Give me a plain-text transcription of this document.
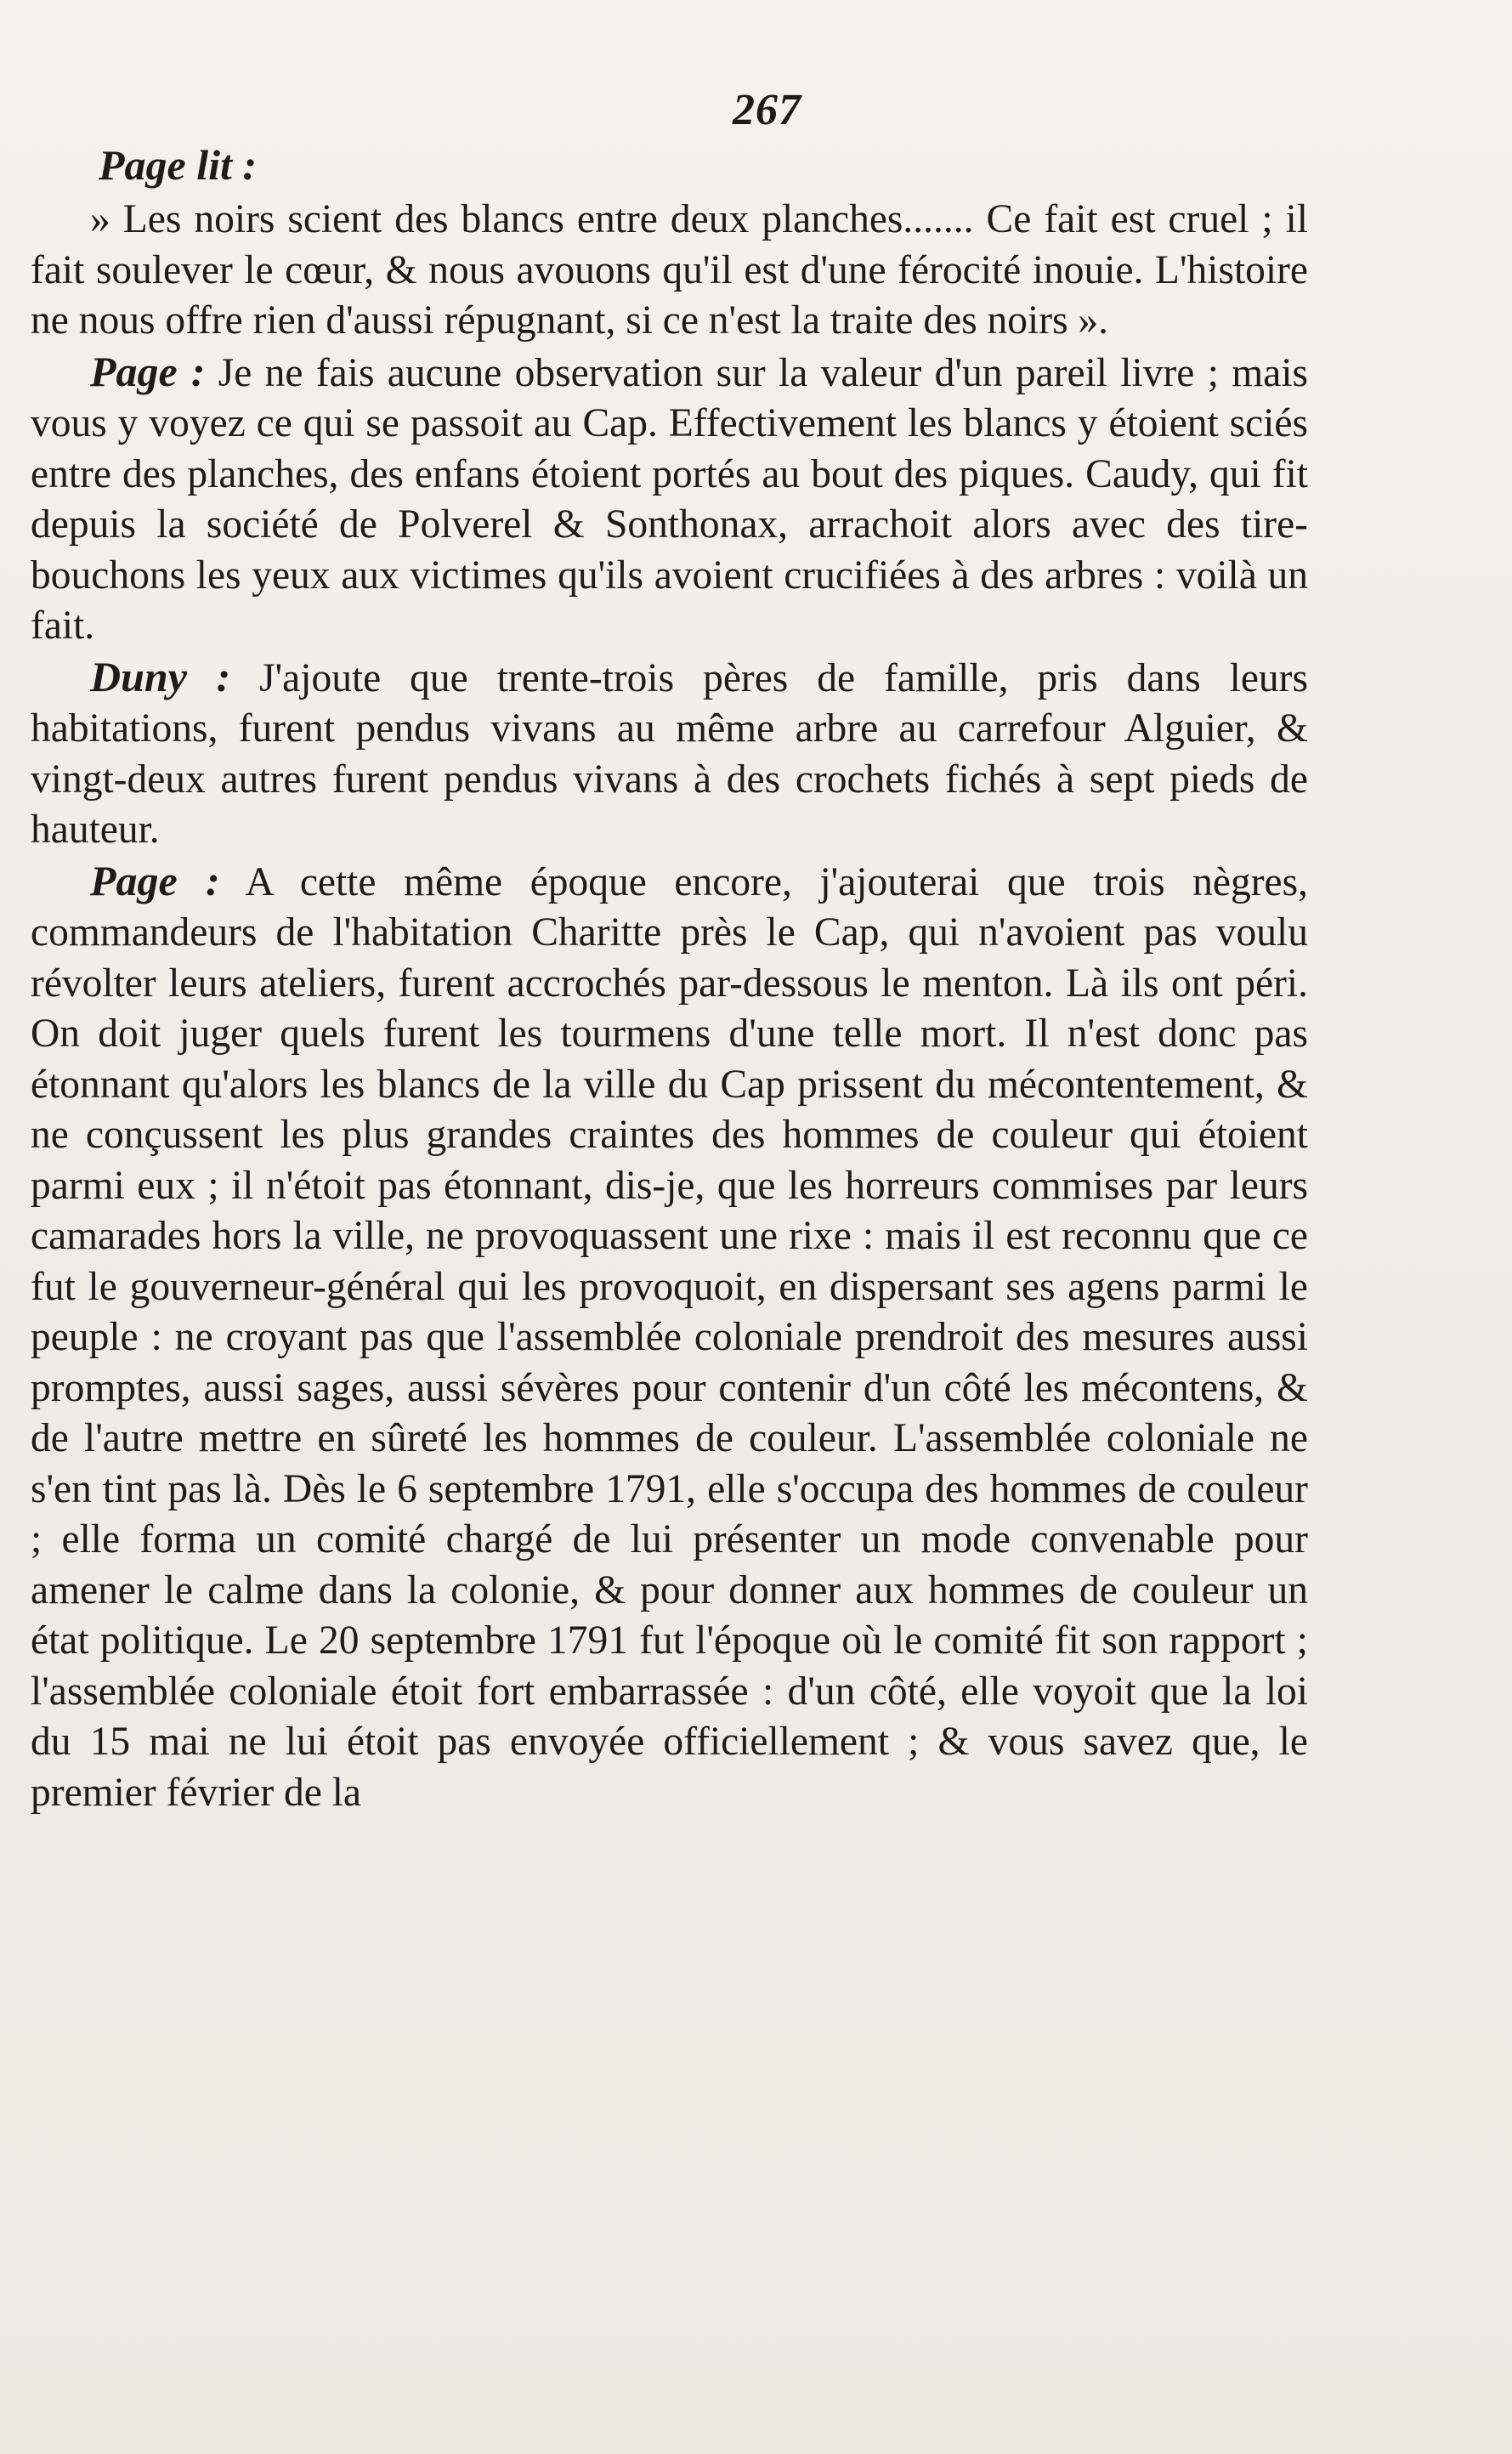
267
Page lit :

» Les noirs scient des blancs entre deux planches....... Ce fait est cruel ; il fait soulever le cœur, & nous avouons qu'il est d'une férocité inouie. L'histoire ne nous offre rien d'aussi répugnant, si ce n'est la traite des noirs ».

Page : Je ne fais aucune observation sur la valeur d'un pareil livre ; mais vous y voyez ce qui se passoit au Cap. Effectivement les blancs y étoient sciés entre des planches, des enfans étoient portés au bout des piques. Caudy, qui fit depuis la société de Polverel & Sonthonax, arrachoit alors avec des tire-bouchons les yeux aux victimes qu'ils avoient crucifiées à des arbres : voilà un fait.

Duny : J'ajoute que trente-trois pères de famille, pris dans leurs habitations, furent pendus vivans au même arbre au carrefour Alguier, & vingt-deux autres furent pendus vivans à des crochets fichés à sept pieds de hauteur.

Page : A cette même époque encore, j'ajouterai que trois nègres, commandeurs de l'habitation Charitte près le Cap, qui n'avoient pas voulu révolter leurs ateliers, furent accrochés par-dessous le menton. Là ils ont péri. On doit juger quels furent les tourmens d'une telle mort. Il n'est donc pas étonnant qu'alors les blancs de la ville du Cap prissent du mécontentement, & ne conçussent les plus grandes craintes des hommes de couleur qui étoient parmi eux ; il n'étoit pas étonnant, dis-je, que les horreurs commises par leurs camarades hors la ville, ne provoquassent une rixe : mais il est reconnu que ce fut le gouverneur-général qui les provoquoit, en dispersant ses agens parmi le peuple : ne croyant pas que l'assemblée coloniale prendroit des mesures aussi promptes, aussi sages, aussi sévères pour contenir d'un côté les mécontens, & de l'autre mettre en sûreté les hommes de couleur. L'assemblée coloniale ne s'en tint pas là. Dès le 6 septembre 1791, elle s'occupa des hommes de couleur ; elle forma un comité chargé de lui présenter un mode convenable pour amener le calme dans la colonie, & pour donner aux hommes de couleur un état politique. Le 20 septembre 1791 fut l'époque où le comité fit son rapport ; l'assemblée coloniale étoit fort embarrassée : d'un côté, elle voyoit que la loi du 15 mai ne lui étoit pas envoyée officiellement ; & vous savez que, le premier février de la
